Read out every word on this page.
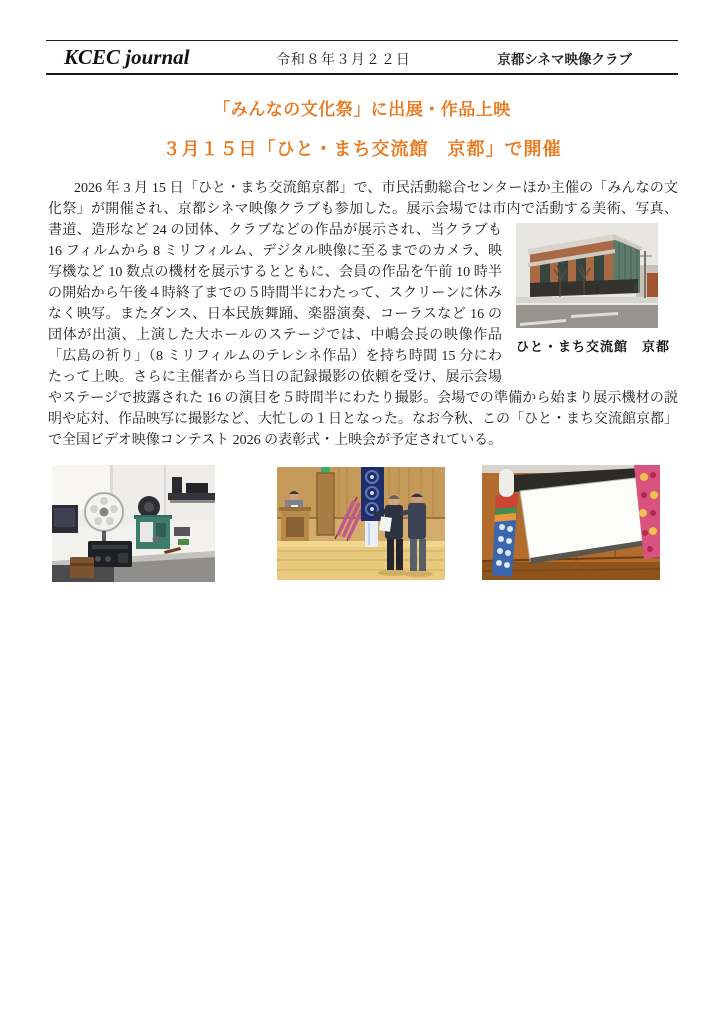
KCEC journal	令和８年３月２２日	京都シネマ映像クラブ
「みんなの文化祭」に出展・作品上映
３月１５日「ひと・まち交流館　京都」で開催
2026 年 3 月 15 日「ひと・まち交流館京都」で、市民活動総合センターほか主催の「みんなの文化祭」が開催され、京都シネマ映像クラブも参加した。展示会場では市内で活動する美術、写真、
ひと・まち交流館　京都
書道、造形など 24 の団体、クラブなどの作品が展示され、当クラブも 16 フィルムから 8 ミリフィルム、デジタル映像に至るまでのカメラ、映写機など 10 数点の機材を展示するとともに、会員の作品を午前 10 時半の開始から午後４時終了までの５時間半にわたって、スクリーンに休みなく映写。またダンス、日本民族舞踊、楽器演奏、コーラスなど 16 の団体が出演、上演した大ホールのステージでは、中嶋会長の映像作品「広島の祈り」（8 ミリフィルムのテレシネ作品）を持ち時間 15 分にわたって上映。さらに主催者から当日の記録撮影の依頼を受け、展示会場やステージで披露された 16 の演目を５時間半にわたり撮影。会場での準備から始まり展示機材の説明や応対、作品映写に撮影など、大忙しの１日となった。なお今秋、この「ひと・まち交流館京都」で全国ビデオ映像コンテスト 2026 の表彰式・上映会が予定されている。
